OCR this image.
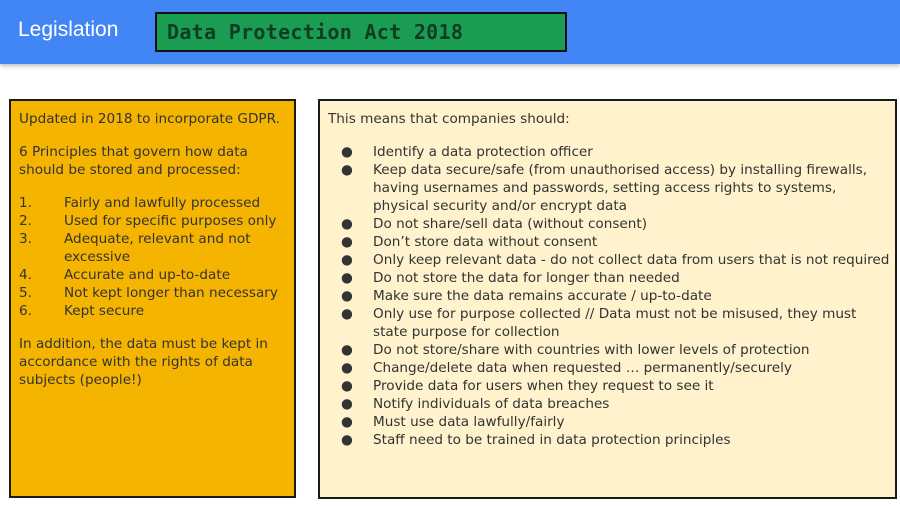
Legislation Data Protection Act 2018

Updated in 2018 to incorporate GDPR.

6 Principles that govern how data should be stored and processed:

1. Fairly and lawfully processed
2. Used for specific purposes only
3. Adequate, relevant and not excessive
4. Accurate and up-to-date
5. Not kept longer than necessary
6. Kept secure

In addition, the data must be kept in accordance with the rights of data subjects (people!)

This means that companies should:

● Identify a data protection officer
● Keep data secure/safe (from unauthorised access) by installing firewalls, having usernames and passwords, setting access rights to systems, physical security and/or encrypt data
● Do not share/sell data (without consent)
● Don’t store data without consent
● Only keep relevant data - do not collect data from users that is not required
● Do not store the data for longer than needed
● Make sure the data remains accurate / up-to-date
● Only use for purpose collected // Data must not be misused, they must state purpose for collection
● Do not store/share with countries with lower levels of protection
● Change/delete data when requested … permanently/securely
● Provide data for users when they request to see it
● Notify individuals of data breaches
● Must use data lawfully/fairly
● Staff need to be trained in data protection principles
